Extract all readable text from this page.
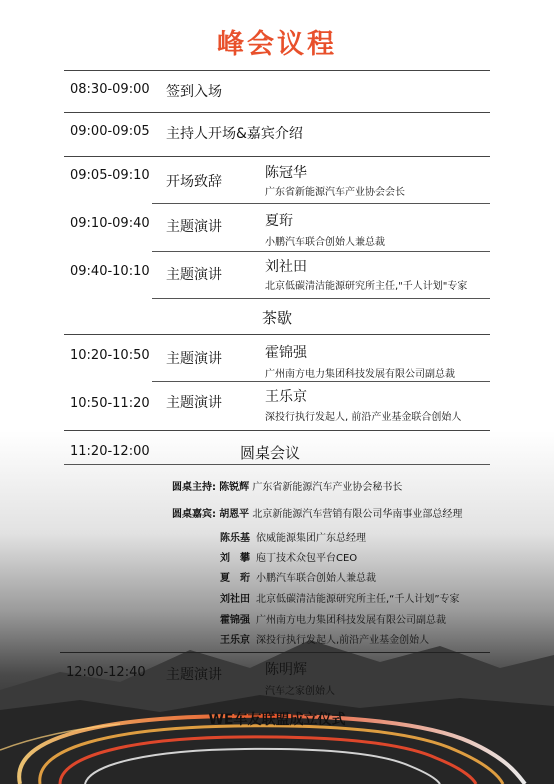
峰会议程
08:30-09:00 签到入场
09:00-09:05 主持人开场&嘉宾介绍
09:05-09:10 开场致辞
陈冠华
广东省新能源汽车产业协会会长
09:10-09:40 主题演讲	夏珩
小鹏汽车联合创始人兼总裁
09:40-10:10 主题演讲	刘社田
北京低碳清洁能源研究所主任,"千人计划"专家
茶歇
10:20-10:50 主题演讲	霍锦强
广州南方电力集团科技发展有限公司副总裁
10:50-11:20 主题演讲	王乐京
深投行执行发起人, 前沿产业基金联合创始人
11:20-12:00	圆桌会议
圆桌主持: 陈锐辉 广东省新能源汽车产业协会秘书长
圆桌嘉宾: 胡恩平 北京新能源汽车营销有限公司华南事业部总经理
陈乐基 依威能源集团广东总经理
刘　攀 庖丁技术众包平台CEO
夏　珩 小鹏汽车联合创始人兼总裁
刘社田 北京低碳清洁能源研究所主任,“千人计划”专家
霍锦强 广州南方电力集团科技发展有限公司副总裁
王乐京 深投行执行发起人,前沿产业基金创始人
12:00-12:40 主题演讲	陈明辉
汽车之家创始人
WE车友联盟成立仪式
